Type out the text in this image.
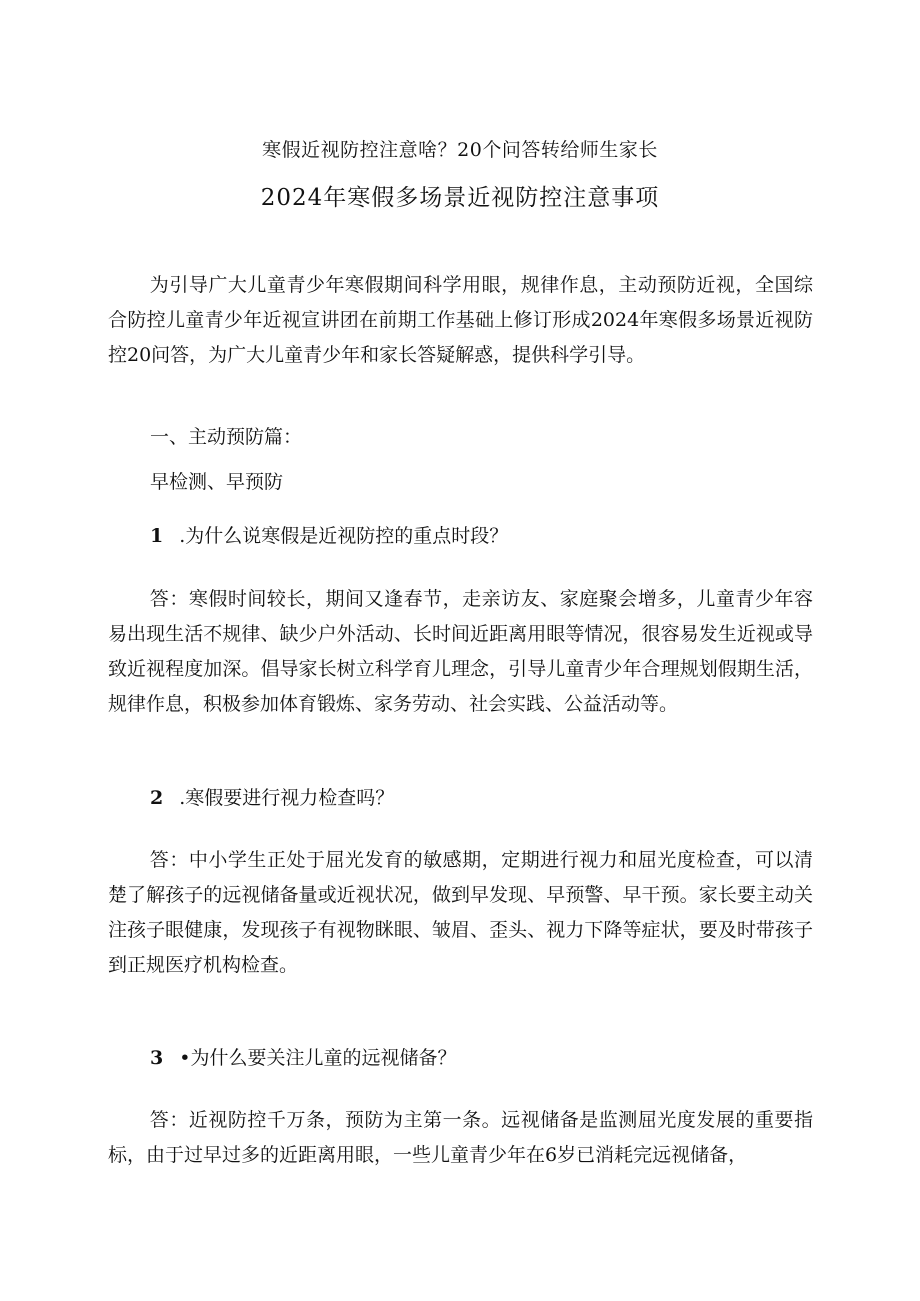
寒假近视防控注意啥？20个问答转给师生家长
2024年寒假多场景近视防控注意事项

为引导广大儿童青少年寒假期间科学用眼，规律作息，主动预防近视，全国综合防控儿童青少年近视宣讲团在前期工作基础上修订形成2024年寒假多场景近视防控20问答，为广大儿童青少年和家长答疑解惑，提供科学引导。

一、主动预防篇：
早检测、早预防
1 .为什么说寒假是近视防控的重点时段？

答：寒假时间较长，期间又逢春节，走亲访友、家庭聚会增多，儿童青少年容易出现生活不规律、缺少户外活动、长时间近距离用眼等情况，很容易发生近视或导致近视程度加深。倡导家长树立科学育儿理念，引导儿童青少年合理规划假期生活，规律作息，积极参加体育锻炼、家务劳动、社会实践、公益活动等。

2 .寒假要进行视力检查吗？

答：中小学生正处于屈光发育的敏感期，定期进行视力和屈光度检查，可以清楚了解孩子的远视储备量或近视状况，做到早发现、早预警、早干预。家长要主动关注孩子眼健康，发现孩子有视物眯眼、皱眉、歪头、视力下降等症状，要及时带孩子到正规医疗机构检查。

3 •为什么要关注儿童的远视储备？

答：近视防控千万条，预防为主第一条。远视储备是监测屈光度发展的重要指标，由于过早过多的近距离用眼，一些儿童青少年在6岁已消耗完远视储备，
